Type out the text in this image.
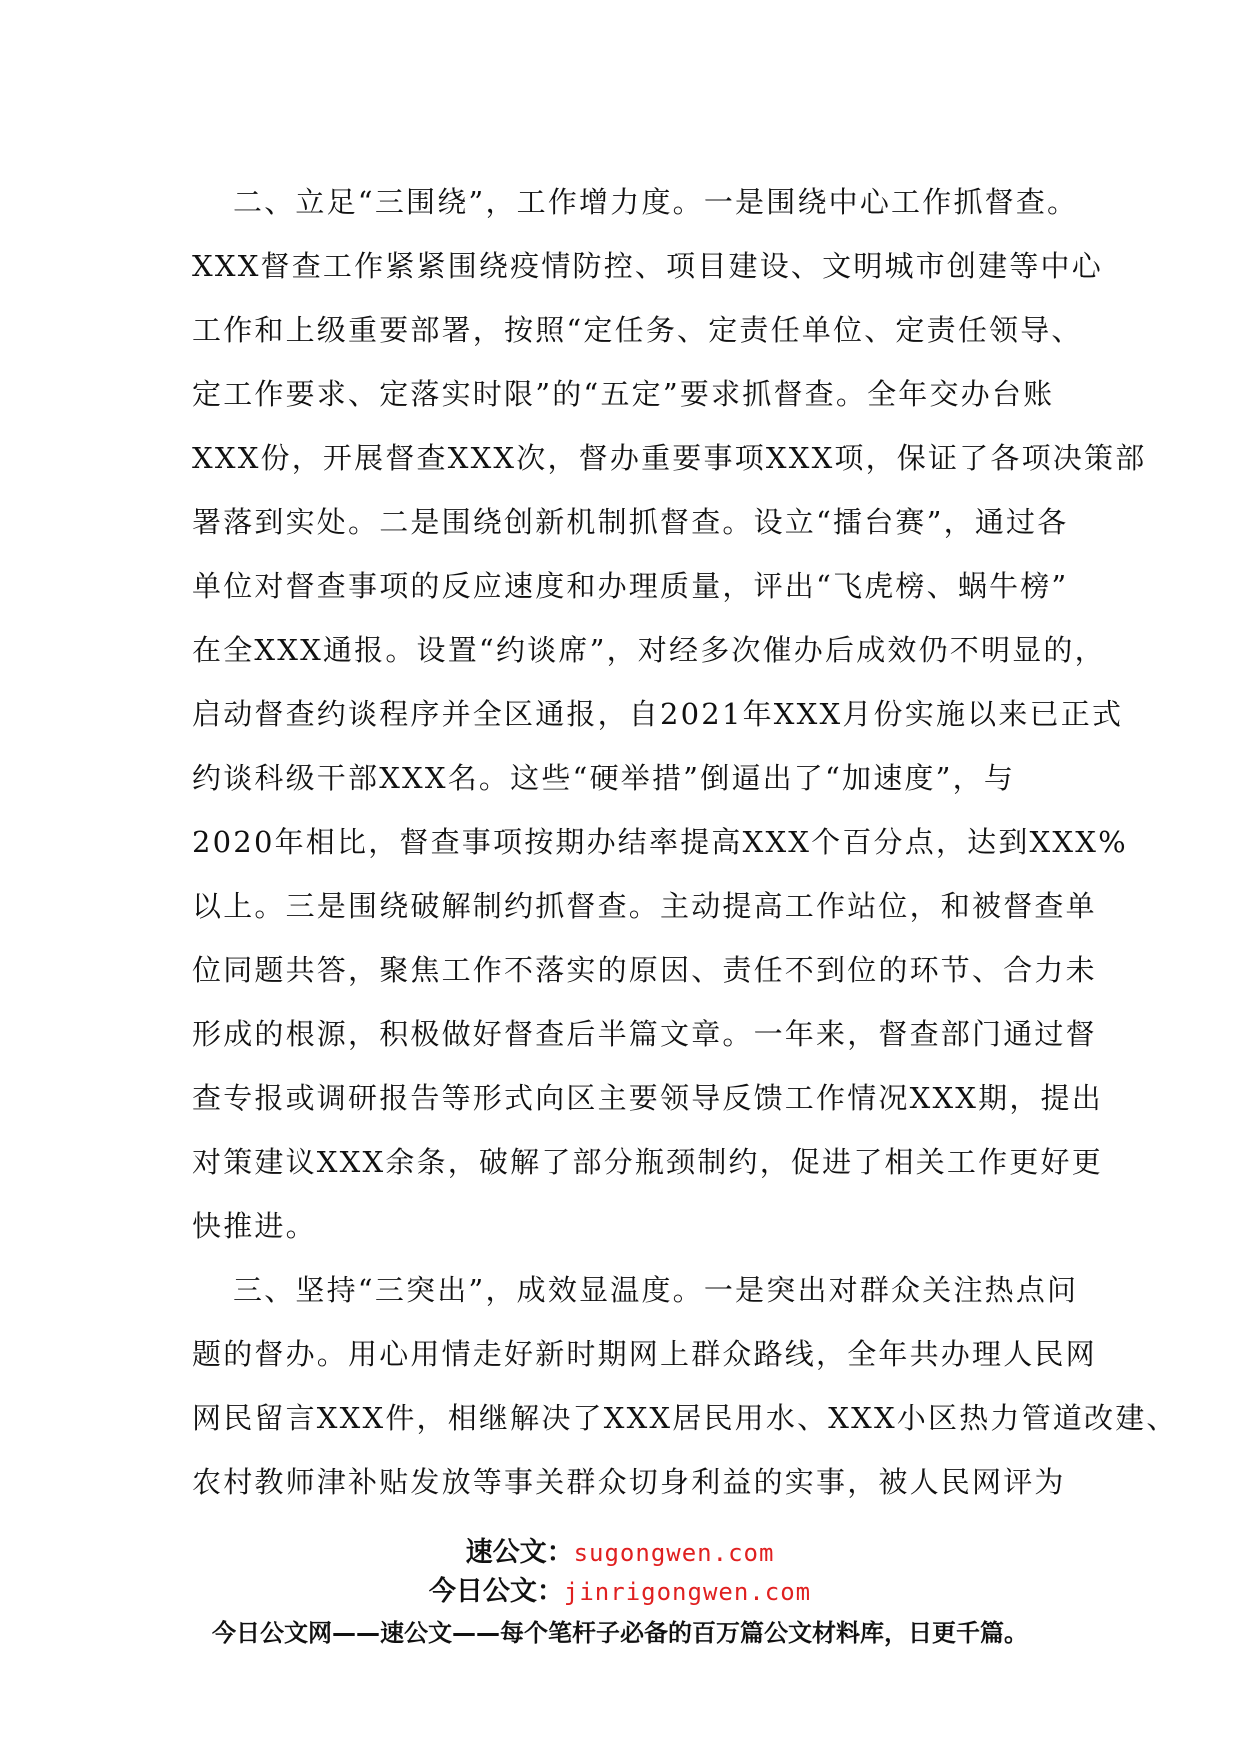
二、立足“三围绕”，工作增力度。一是围绕中心工作抓督查。
XXX督查工作紧紧围绕疫情防控、项目建设、文明城市创建等中心
工作和上级重要部署，按照“定任务、定责任单位、定责任领导、
定工作要求、定落实时限”的“五定”要求抓督查。全年交办台账
XXX份，开展督查XXX次，督办重要事项XXX项，保证了各项决策部
署落到实处。二是围绕创新机制抓督查。设立“擂台赛”，通过各
单位对督查事项的反应速度和办理质量，评出“飞虎榜、蜗牛榜”
在全XXX通报。设置“约谈席”，对经多次催办后成效仍不明显的，
启动督查约谈程序并全区通报，自2021年XXX月份实施以来已正式
约谈科级干部XXX名。这些“硬举措”倒逼出了“加速度”，与
2020年相比，督查事项按期办结率提高XXX个百分点，达到XXX%
以上。三是围绕破解制约抓督查。主动提高工作站位，和被督查单
位同题共答，聚焦工作不落实的原因、责任不到位的环节、合力未
形成的根源，积极做好督查后半篇文章。一年来，督查部门通过督
查专报或调研报告等形式向区主要领导反馈工作情况XXX期，提出
对策建议XXX余条，破解了部分瓶颈制约，促进了相关工作更好更
快推进。
三、坚持“三突出”，成效显温度。一是突出对群众关注热点问
题的督办。用心用情走好新时期网上群众路线，全年共办理人民网
网民留言XXX件，相继解决了XXX居民用水、XXX小区热力管道改建、
农村教师津补贴发放等事关群众切身利益的实事，被人民网评为
速公文：sugongwen.com
今日公文：jinrigongwen.com
今日公文网——速公文——每个笔杆子必备的百万篇公文材料库，日更千篇。
